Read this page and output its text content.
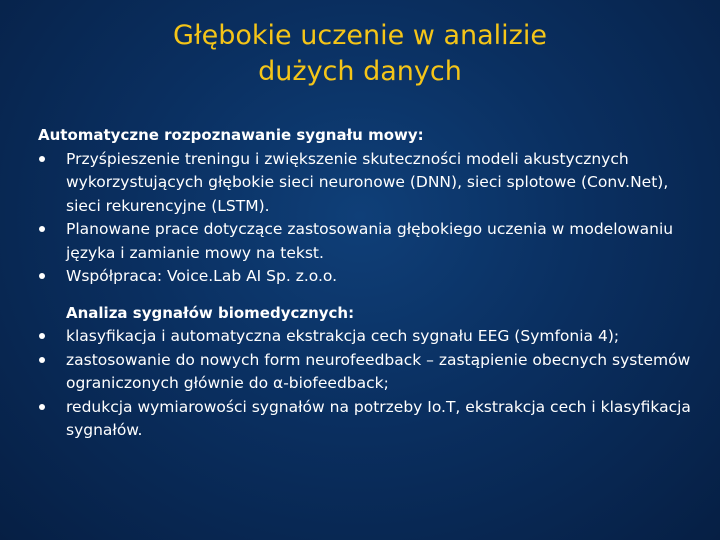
Głębokie uczenie w analizie
dużych danych
Automatyczne rozpoznawanie sygnału mowy:
Przyśpieszenie treningu i zwiększenie skuteczności modeli akustycznych wykorzystujących głębokie sieci neuronowe (DNN), sieci splotowe (Conv.Net), sieci rekurencyjne (LSTM).
Planowane prace dotyczące zastosowania głębokiego uczenia w modelowaniu języka i zamianie mowy na tekst.
Współpraca: Voice.Lab AI Sp. z.o.o.
Analiza sygnałów biomedycznych:
klasyfikacja i automatyczna ekstrakcja cech sygnału EEG (Symfonia 4);
zastosowanie do nowych form neurofeedback – zastąpienie obecnych systemów ograniczonych głównie do α-biofeedback;
redukcja wymiarowości sygnałów na potrzeby Io.T, ekstrakcja cech i klasyfikacja sygnałów.
